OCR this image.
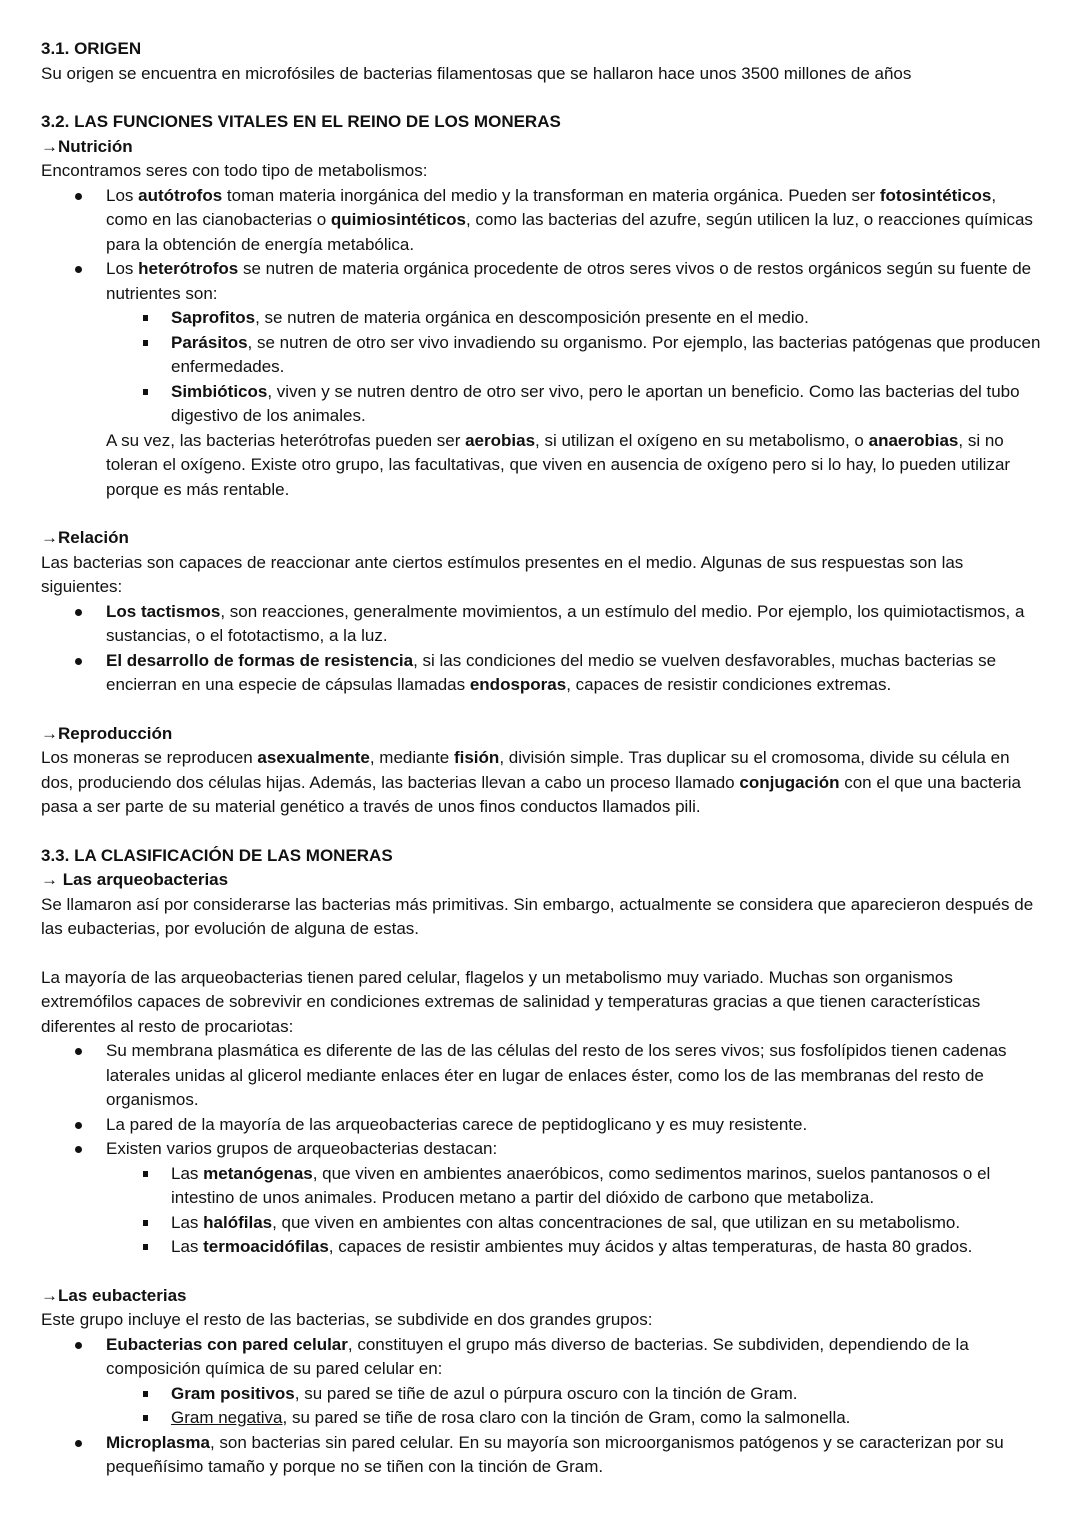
3.1. ORIGEN
Su origen se encuentra en microfósiles de bacterias filamentosas que se hallaron hace unos 3500 millones de años
3.2. LAS FUNCIONES VITALES EN EL REINO DE LOS MONERAS
→Nutrición
Encontramos seres con todo tipo de metabolismos:
Los autótrofos toman materia inorgánica del medio y la transforman en materia orgánica. Pueden ser fotosintéticos, como en las cianobacterias o quimiosintéticos, como las bacterias del azufre, según utilicen la luz, o reacciones químicas para la obtención de energía metabólica.
Los heterótrofos se nutren de materia orgánica procedente de otros seres vivos o de restos orgánicos según su fuente de nutrientes son:
Saprofitos, se nutren de materia orgánica en descomposición presente en el medio.
Parásitos, se nutren de otro ser vivo invadiendo su organismo. Por ejemplo, las bacterias patógenas que producen enfermedades.
Simbióticos, viven y se nutren dentro de otro ser vivo, pero le aportan un beneficio. Como las bacterias del tubo digestivo de los animales.
A su vez, las bacterias heterótrofas pueden ser aerobias, si utilizan el oxígeno en su metabolismo, o anaerobias, si no toleran el oxígeno. Existe otro grupo, las facultativas, que viven en ausencia de oxígeno pero si lo hay, lo pueden utilizar porque es más rentable.
→Relación
Las bacterias son capaces de reaccionar ante ciertos estímulos presentes en el medio. Algunas de sus respuestas son las siguientes:
Los tactismos, son reacciones, generalmente movimientos, a un estímulo del medio. Por ejemplo, los quimiotactismos, a sustancias, o el fototactismo, a la luz.
El desarrollo de formas de resistencia, si las condiciones del medio se vuelven desfavorables, muchas bacterias se encierran en una especie de cápsulas llamadas endosporas, capaces de resistir condiciones extremas.
→Reproducción
Los moneras se reproducen asexualmente, mediante fisión, división simple. Tras duplicar su el cromosoma, divide su célula en dos, produciendo dos células hijas. Además, las bacterias llevan a cabo un proceso llamado conjugación con el que una bacteria pasa a ser parte de su material genético a través de unos finos conductos llamados pili.
3.3. LA CLASIFICACIÓN DE LAS MONERAS
→ Las arqueobacterias
Se llamaron así por considerarse las bacterias más primitivas. Sin embargo, actualmente se considera que aparecieron después de las eubacterias, por evolución de alguna de estas.
La mayoría de las arqueobacterias tienen pared celular, flagelos y un metabolismo muy variado. Muchas son organismos extremófilos capaces de sobrevivir en condiciones extremas de salinidad y temperaturas gracias a que tienen características diferentes al resto de procariotas:
Su membrana plasmática es diferente de las de las células del resto de los seres vivos; sus fosfolípidos tienen cadenas laterales unidas al glicerol mediante enlaces éter en lugar de enlaces éster, como los de las membranas del resto de organismos.
La pared de la mayoría de las arqueobacterias carece de peptidoglicano y es muy resistente.
Existen varios grupos de arqueobacterias destacan:
Las metanógenas, que viven en ambientes anaeróbicos, como sedimentos marinos, suelos pantanosos o el intestino de unos animales. Producen metano a partir del dióxido de carbono que metaboliza.
Las halófilas, que viven en ambientes con altas concentraciones de sal, que utilizan en su metabolismo.
Las termoacidófilas, capaces de resistir ambientes muy ácidos y altas temperaturas, de hasta 80 grados.
→Las eubacterias
Este grupo incluye el resto de las bacterias, se subdivide en dos grandes grupos:
Eubacterias con pared celular, constituyen el grupo más diverso de bacterias. Se subdividen, dependiendo de la composición química de su pared celular en:
Gram positivos, su pared se tiñe de azul o púrpura oscuro con la tinción de Gram.
Gram negativa, su pared se tiñe de rosa claro con la tinción de Gram, como la salmonella.
Microplasma, son bacterias sin pared celular. En su mayoría son microorganismos patógenos y se caracterizan por su pequeñísimo tamaño y porque no se tiñen con la tinción de Gram.
